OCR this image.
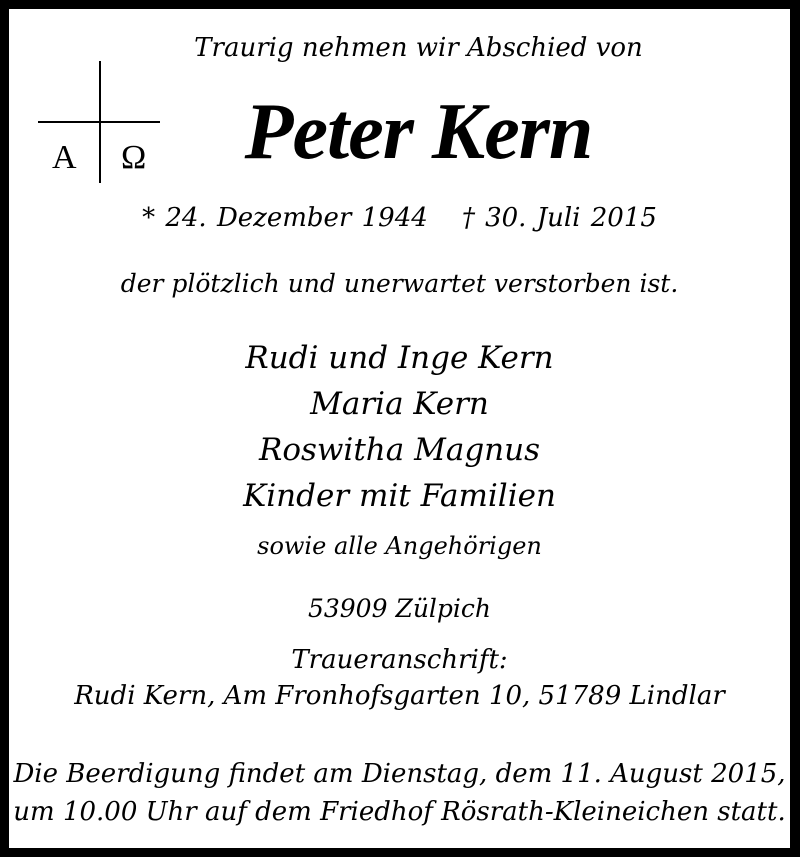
A Ω
Traurig nehmen wir Abschied von
Peter Kern
* 24. Dezember 1944 † 30. Juli 2015
der plötzlich und unerwartet verstorben ist.
Rudi und Inge Kern
Maria Kern
Roswitha Magnus
Kinder mit Familien
sowie alle Angehörigen
53909 Zülpich
Traueranschrift:
Rudi Kern, Am Fronhofsgarten 10, 51789 Lindlar
Die Beerdigung findet am Dienstag, dem 11. August 2015,
um 10.00 Uhr auf dem Friedhof Rösrath-Kleineichen statt.
